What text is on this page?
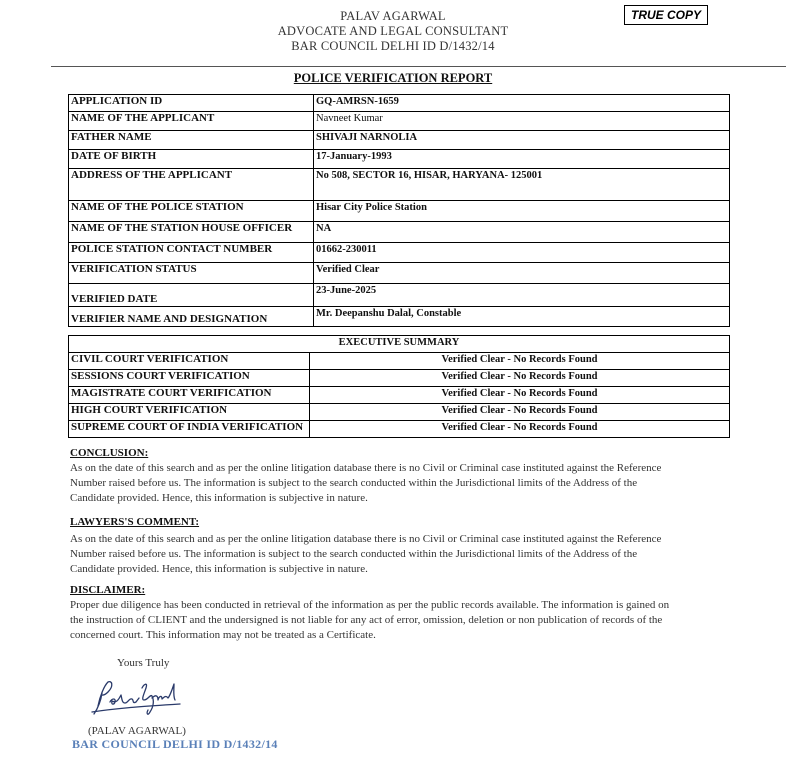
PALAV AGARWAL
ADVOCATE AND LEGAL CONSULTANT
BAR COUNCIL DELHI ID D/1432/14
TRUE COPY
POLICE VERIFICATION REPORT
APPLICATION ID	GQ-AMRSN-1659
NAME OF THE APPLICANT	Navneet Kumar
FATHER NAME	SHIVAJI NARNOLIA
DATE OF BIRTH	17-January-1993
ADDRESS OF THE APPLICANT	No 508, SECTOR 16, HISAR, HARYANA- 125001
NAME OF THE POLICE STATION	Hisar City Police Station
NAME OF THE STATION HOUSE OFFICER	NA
POLICE STATION CONTACT NUMBER	01662-230011
VERIFICATION STATUS	Verified Clear
VERIFIED DATE	23-June-2025
VERIFIER NAME AND DESIGNATION	Mr. Deepanshu Dalal, Constable
EXECUTIVE SUMMARY	
CIVIL COURT VERIFICATION	Verified Clear - No Records Found
SESSIONS COURT VERIFICATION	Verified Clear - No Records Found
MAGISTRATE COURT VERIFICATION	Verified Clear - No Records Found
HIGH COURT VERIFICATION	Verified Clear - No Records Found
SUPREME COURT OF INDIA VERIFICATION	Verified Clear - No Records Found
CONCLUSION:
As on the date of this search and as per the online litigation database there is no Civil or Criminal case instituted against the Reference
Number raised before us. The information is subject to the search conducted within the Jurisdictional limits of the Address of the
Candidate provided. Hence, this information is subjective in nature.
LAWYERS'S COMMENT:
As on the date of this search and as per the online litigation database there is no Civil or Criminal case instituted against the Reference
Number raised before us. The information is subject to the search conducted within the Jurisdictional limits of the Address of the
Candidate provided. Hence, this information is subjective in nature.
DISCLAIMER:
Proper due diligence has been conducted in retrieval of the information as per the public records available. The information is gained on
the instruction of CLIENT and the undersigned is not liable for any act of error, omission, deletion or non publication of records of the
concerned court. This information may not be treated as a Certificate.
Yours Truly
(PALAV AGARWAL)
BAR COUNCIL DELHI ID D/1432/14
